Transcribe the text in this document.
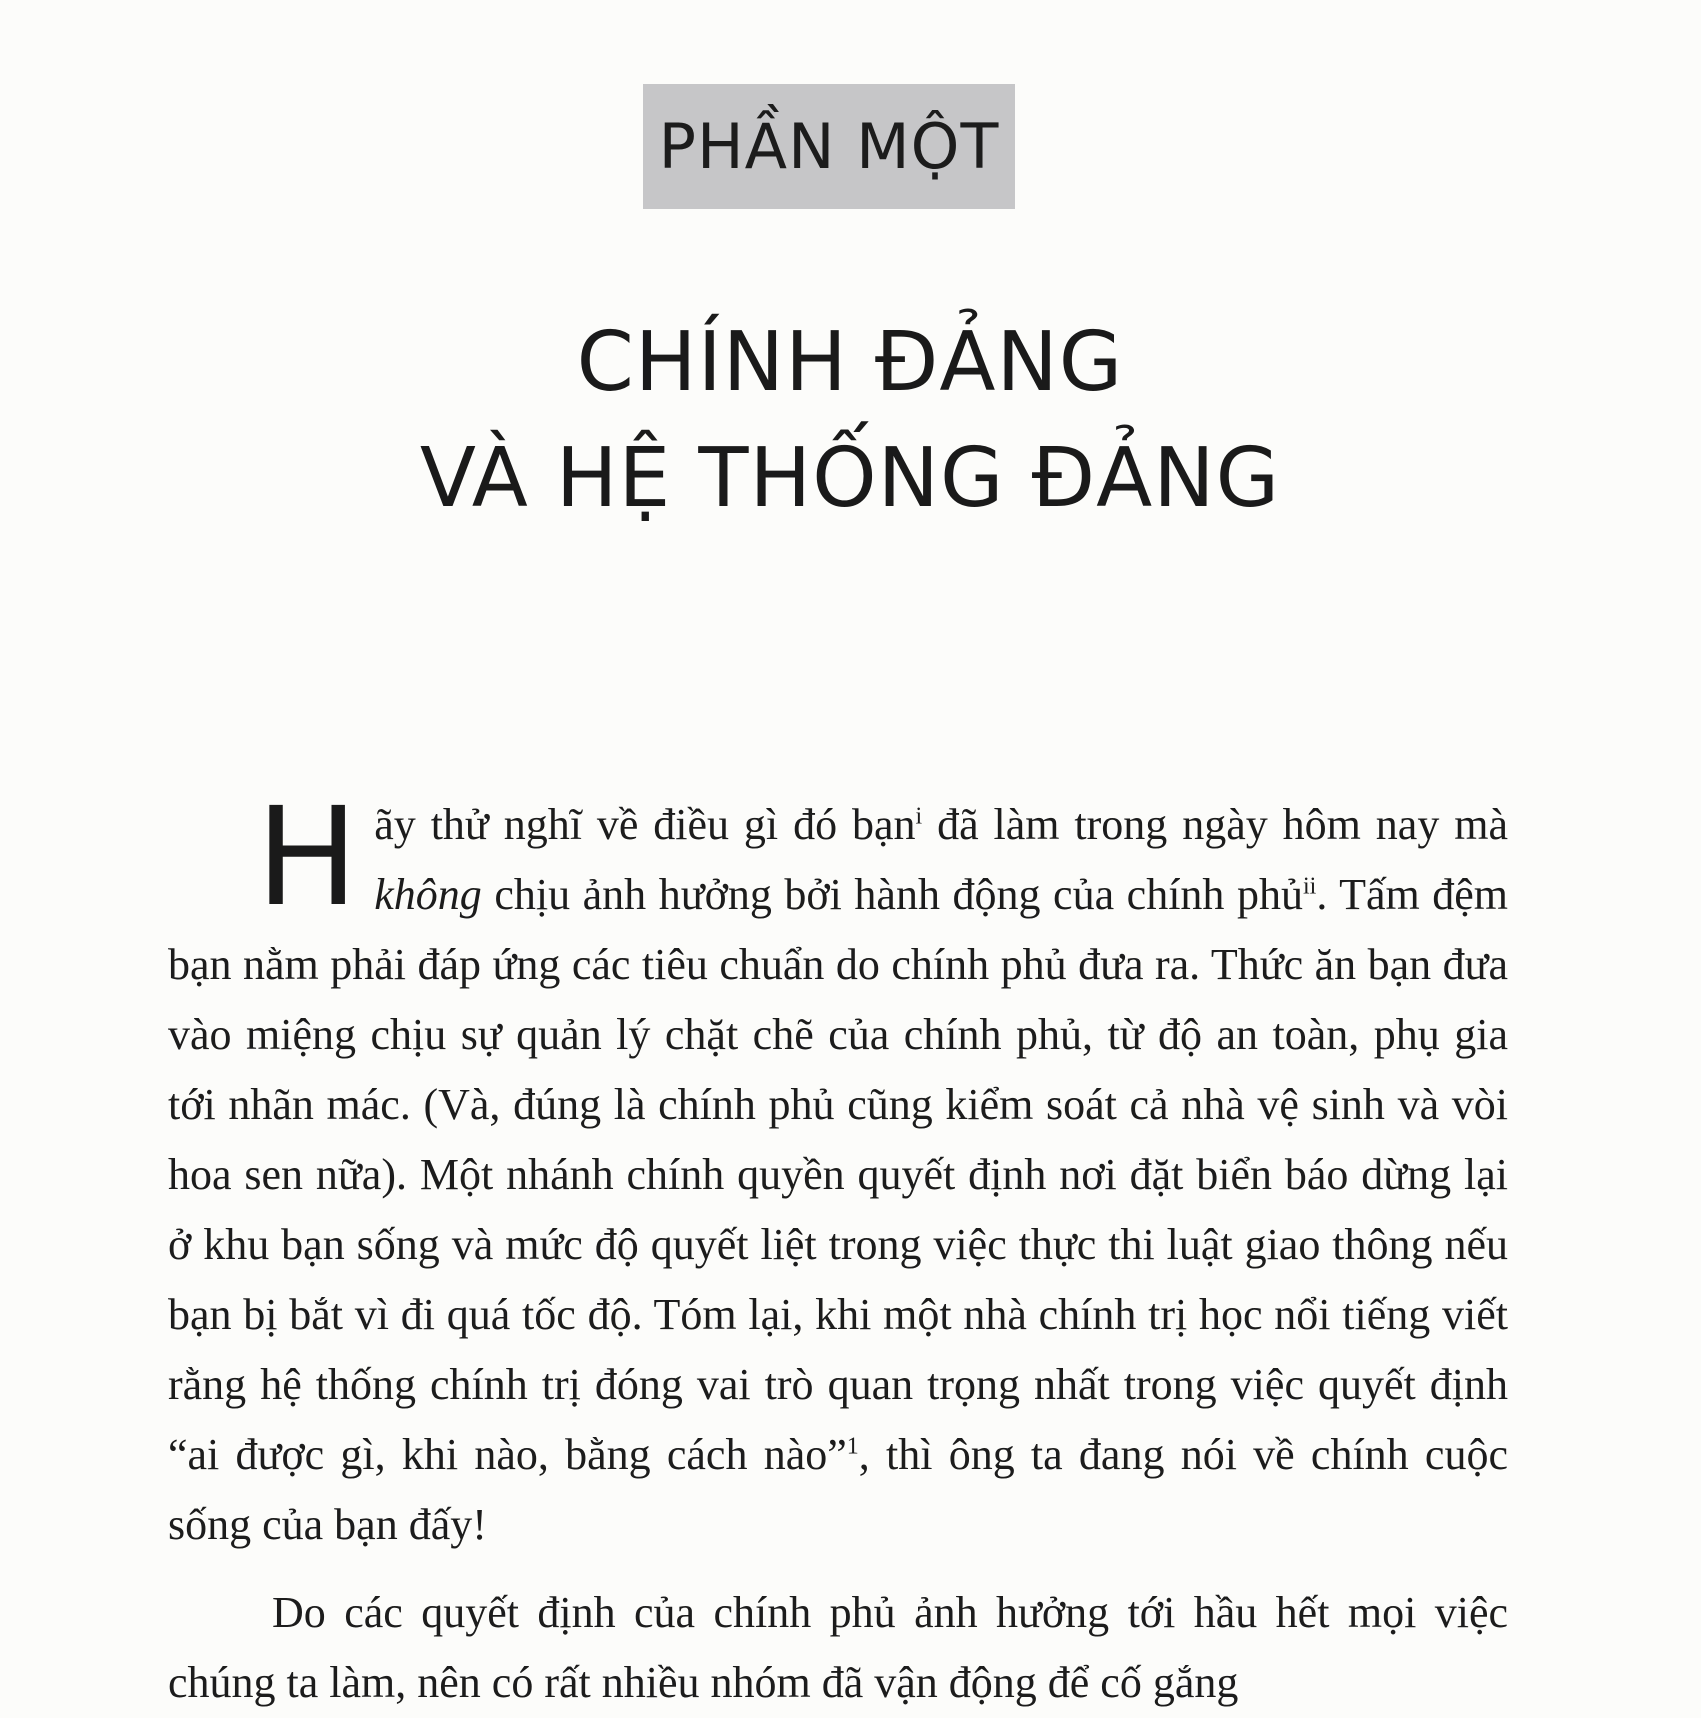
PHẦN MỘT
CHÍNH ĐẢNG
VÀ HỆ THỐNG ĐẢNG

Hãy thử nghĩ về điều gì đó bạn$^i$ đã làm trong ngày hôm nay mà không chịu ảnh hưởng bởi hành động của chính phủ$^{ii}$. Tấm đệm bạn nằm phải đáp ứng các tiêu chuẩn do chính phủ đưa ra. Thức ăn bạn đưa vào miệng chịu sự quản lý chặt chẽ của chính phủ, từ độ an toàn, phụ gia tới nhãn mác. (Và, đúng là chính phủ cũng kiểm soát cả nhà vệ sinh và vòi hoa sen nữa). Một nhánh chính quyền quyết định nơi đặt biển báo dừng lại ở khu bạn sống và mức độ quyết liệt trong việc thực thi luật giao thông nếu bạn bị bắt vì đi quá tốc độ. Tóm lại, khi một nhà chính trị học nổi tiếng viết rằng hệ thống chính trị đóng vai trò quan trọng nhất trong việc quyết định “ai được gì, khi nào, bằng cách nào”$^1$, thì ông ta đang nói về chính cuộc sống của bạn đấy!

Do các quyết định của chính phủ ảnh hưởng tới hầu hết mọi việc chúng ta làm, nên có rất nhiều nhóm đã vận động để cố gắng
